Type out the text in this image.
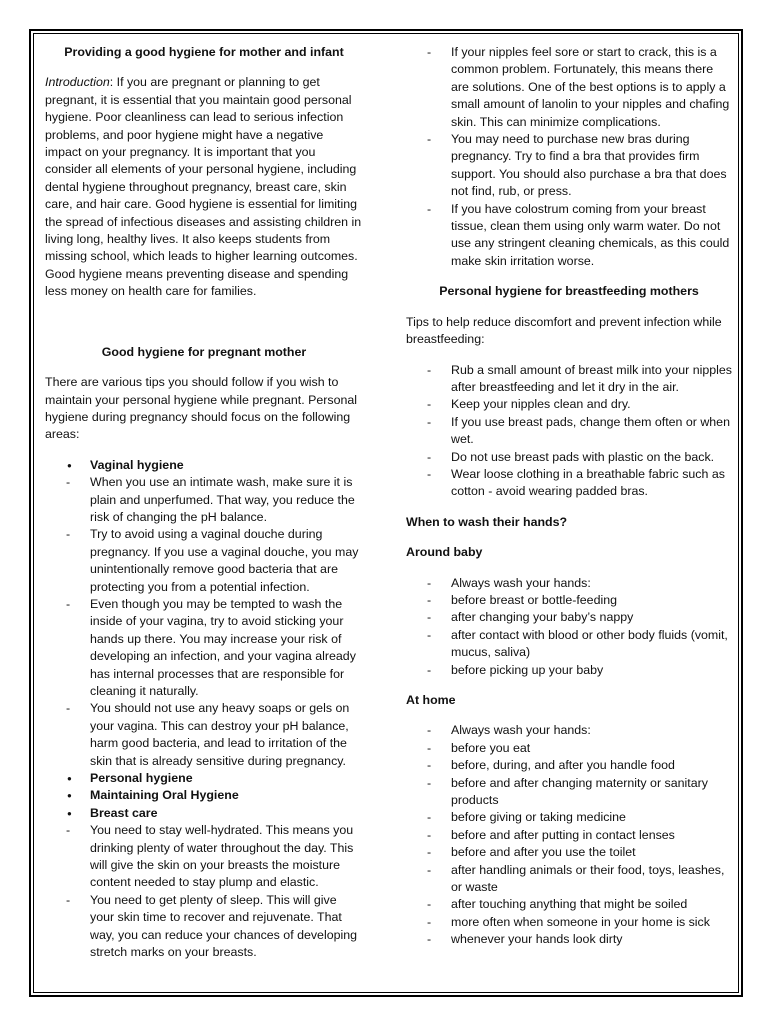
Providing a good hygiene for mother and infant

Introduction: If you are pregnant or planning to get pregnant, it is essential that you maintain good personal hygiene. Poor cleanliness can lead to serious infection problems, and poor hygiene might have a negative impact on your pregnancy. It is important that you consider all elements of your personal hygiene, including dental hygiene throughout pregnancy, breast care, skin care, and hair care. Good hygiene is essential for limiting the spread of infectious diseases and assisting children in living long, healthy lives. It also keeps students from missing school, which leads to higher learning outcomes. Good hygiene means preventing disease and spending less money on health care for families.

Good hygiene for pregnant mother

There are various tips you should follow if you wish to maintain your personal hygiene while pregnant. Personal hygiene during pregnancy should focus on the following areas:

● Vaginal hygiene
- When you use an intimate wash, make sure it is plain and unperfumed. That way, you reduce the risk of changing the pH balance.
- Try to avoid using a vaginal douche during pregnancy. If you use a vaginal douche, you may unintentionally remove good bacteria that are protecting you from a potential infection.
- Even though you may be tempted to wash the inside of your vagina, try to avoid sticking your hands up there. You may increase your risk of developing an infection, and your vagina already has internal processes that are responsible for cleaning it naturally.
- You should not use any heavy soaps or gels on your vagina. This can destroy your pH balance, harm good bacteria, and lead to irritation of the skin that is already sensitive during pregnancy.
● Personal hygiene
● Maintaining Oral Hygiene
● Breast care
- You need to stay well-hydrated. This means you drinking plenty of water throughout the day. This will give the skin on your breasts the moisture content needed to stay plump and elastic.
- You need to get plenty of sleep. This will give your skin time to recover and rejuvenate. That way, you can reduce your chances of developing stretch marks on your breasts.
- If your nipples feel sore or start to crack, this is a common problem. Fortunately, this means there are solutions. One of the best options is to apply a small amount of lanolin to your nipples and chafing skin. This can minimize complications.
- You may need to purchase new bras during pregnancy. Try to find a bra that provides firm support. You should also purchase a bra that does not find, rub, or press.
- If you have colostrum coming from your breast tissue, clean them using only warm water. Do not use any stringent cleaning chemicals, as this could make skin irritation worse.

Personal hygiene for breastfeeding mothers

Tips to help reduce discomfort and prevent infection while breastfeeding:

- Rub a small amount of breast milk into your nipples after breastfeeding and let it dry in the air.
- Keep your nipples clean and dry.
- If you use breast pads, change them often or when wet.
- Do not use breast pads with plastic on the back.
- Wear loose clothing in a breathable fabric such as cotton - avoid wearing padded bras.

When to wash their hands?

Around baby

- Always wash your hands:
- before breast or bottle-feeding
- after changing your baby’s nappy
- after contact with blood or other body fluids (vomit, mucus, saliva)
- before picking up your baby

At home

- Always wash your hands:
- before you eat
- before, during, and after you handle food
- before and after changing maternity or sanitary products
- before giving or taking medicine
- before and after putting in contact lenses
- before and after you use the toilet
- after handling animals or their food, toys, leashes, or waste
- after touching anything that might be soiled
- more often when someone in your home is sick
- whenever your hands look dirty
